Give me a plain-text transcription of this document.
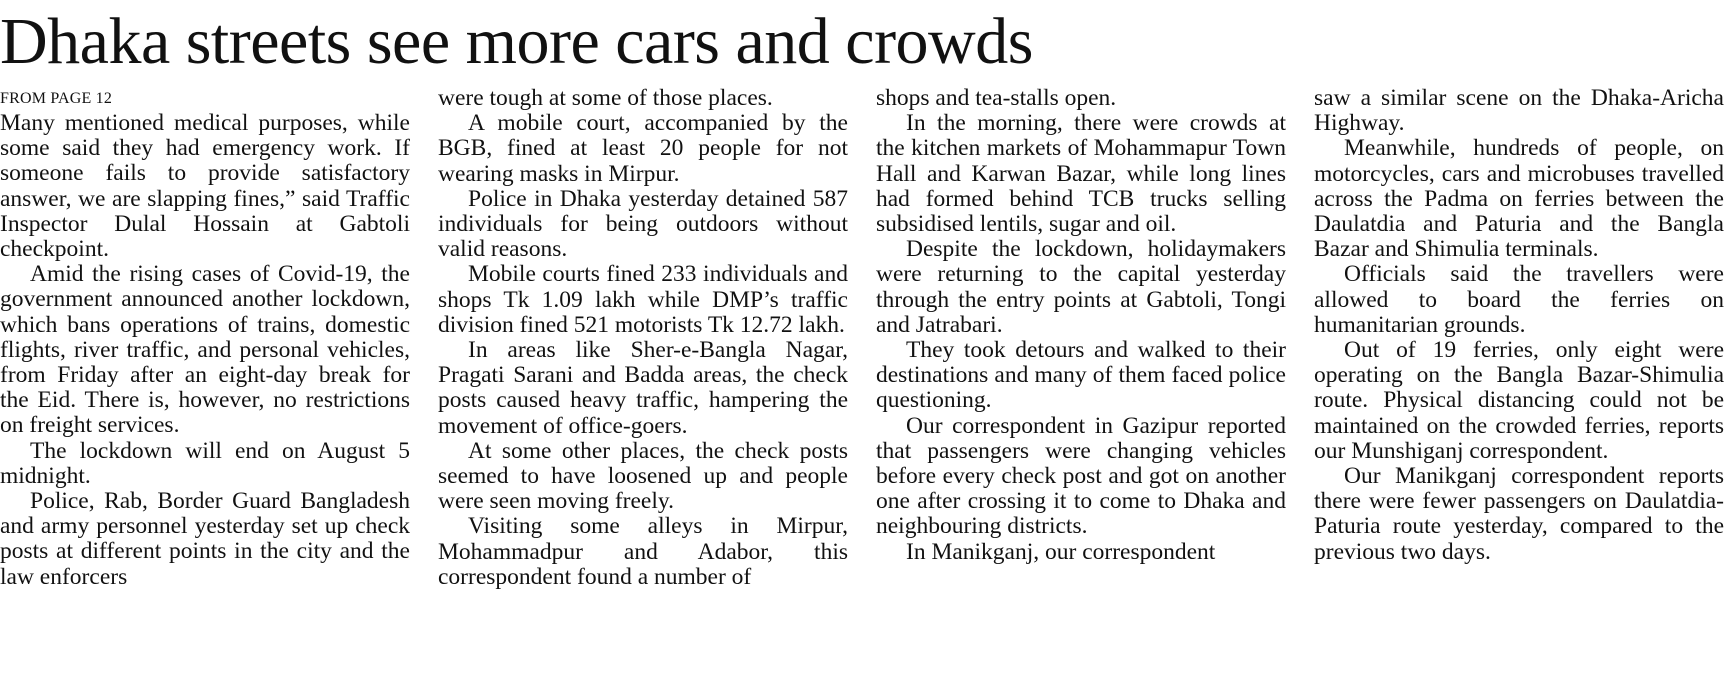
Dhaka streets see more cars and crowds
FROM PAGE 12

Many mentioned medical purposes, while some said they had emergency work. If someone fails to provide satisfactory answer, we are slapping fines,” said Traffic Inspector Dulal Hossain at Gabtoli checkpoint.

Amid the rising cases of Covid-19, the government announced another lockdown, which bans operations of trains, domestic flights, river traffic, and personal vehicles, from Friday after an eight-day break for the Eid. There is, however, no restrictions on freight services.

The lockdown will end on August 5 midnight.

Police, Rab, Border Guard Bangladesh and army personnel yesterday set up check posts at different points in the city and the law enforcers

were tough at some of those places.

A mobile court, accompanied by the BGB, fined at least 20 people for not wearing masks in Mirpur.

Police in Dhaka yesterday detained 587 individuals for being outdoors without valid reasons.

Mobile courts fined 233 individuals and shops Tk 1.09 lakh while DMP’s traffic division fined 521 motorists Tk 12.72 lakh.

In areas like Sher-e-Bangla Nagar, Pragati Sarani and Badda areas, the check posts caused heavy traffic, hampering the movement of office-goers.

At some other places, the check posts seemed to have loosened up and people were seen moving freely.

Visiting some alleys in Mirpur, Mohammadpur and Adabor, this correspondent found a number of

shops and tea-stalls open.

In the morning, there were crowds at the kitchen markets of Mohammapur Town Hall and Karwan Bazar, while long lines had formed behind TCB trucks selling subsidised lentils, sugar and oil.

Despite the lockdown, holidaymakers were returning to the capital yesterday through the entry points at Gabtoli, Tongi and Jatrabari.

They took detours and walked to their destinations and many of them faced police questioning.

Our correspondent in Gazipur reported that passengers were changing vehicles before every check post and got on another one after crossing it to come to Dhaka and neighbouring districts.

In Manikganj, our correspondent

saw a similar scene on the Dhaka-Aricha Highway.

Meanwhile, hundreds of people, on motorcycles, cars and microbuses travelled across the Padma on ferries between the Daulatdia and Paturia and the Bangla Bazar and Shimulia terminals.

Officials said the travellers were allowed to board the ferries on humanitarian grounds.

Out of 19 ferries, only eight were operating on the Bangla Bazar-Shimulia route. Physical distancing could not be maintained on the crowded ferries, reports our Munshiganj correspondent.

Our Manikganj correspondent reports there were fewer passengers on Daulatdia-Paturia route yesterday, compared to the previous two days.
